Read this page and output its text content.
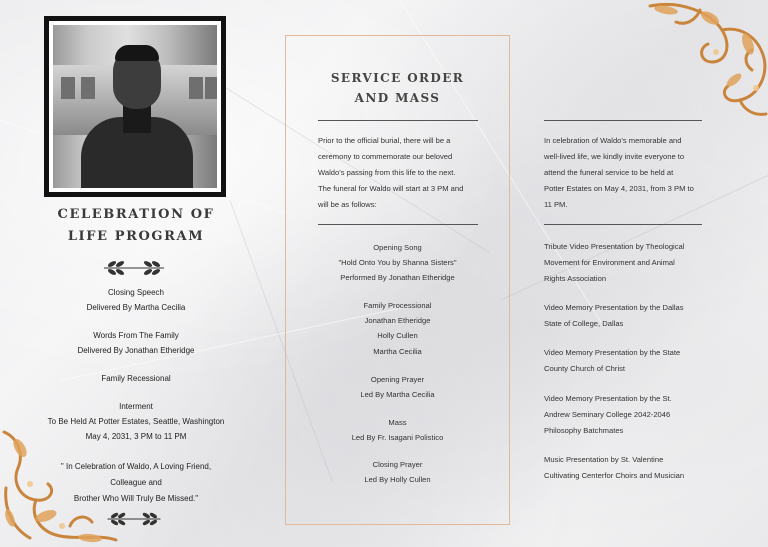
CELEBRATION OF
LIFE PROGRAM
Closing Speech
Delivered By Martha Cecilia
Words From The Family
Delivered By Jonathan Etheridge
Family Recessional
Interment
To Be Held At Potter Estates, Seattle, Washington
May 4, 2031, 3 PM to 11 PM
" In Celebration of Waldo, A Loving Friend,
Colleague and
Brother Who Will Truly Be Missed."
SERVICE ORDER
AND MASS
Prior to the official burial, there will be a
ceremony to commemorate our beloved
Waldo's passing from this life to the next.
The funeral for Waldo will start at 3 PM and
will be as follows:
Opening Song
"Hold Onto You by Shanna Sisters"
Performed By Jonathan Etheridge
Family Processional
Jonathan Etheridge
Holly Cullen
Martha Cecilia
Opening Prayer
Led By Martha Cecilia
Mass
Led By Fr. Isagani Polistico
Closing Prayer
Led By Holly Cullen
In celebration of Waldo's memorable and
well-lived life, we kindly invite everyone to
attend the funeral service to be held at
Potter Estates on May 4, 2031, from 3 PM to
11 PM.
Tribute Video Presentation by Theological
Movement for Environment and Animal
Rights Association
Video Memory Presentation by the Dallas
State of College, Dallas
Video Memory Presentation by the State
County Church of Christ
Video Memory Presentation by the St.
Andrew Seminary College 2042-2046
Philosophy Batchmates
Music Presentation by St. Valentine
Cultivating Centerfor Choirs and Musician
